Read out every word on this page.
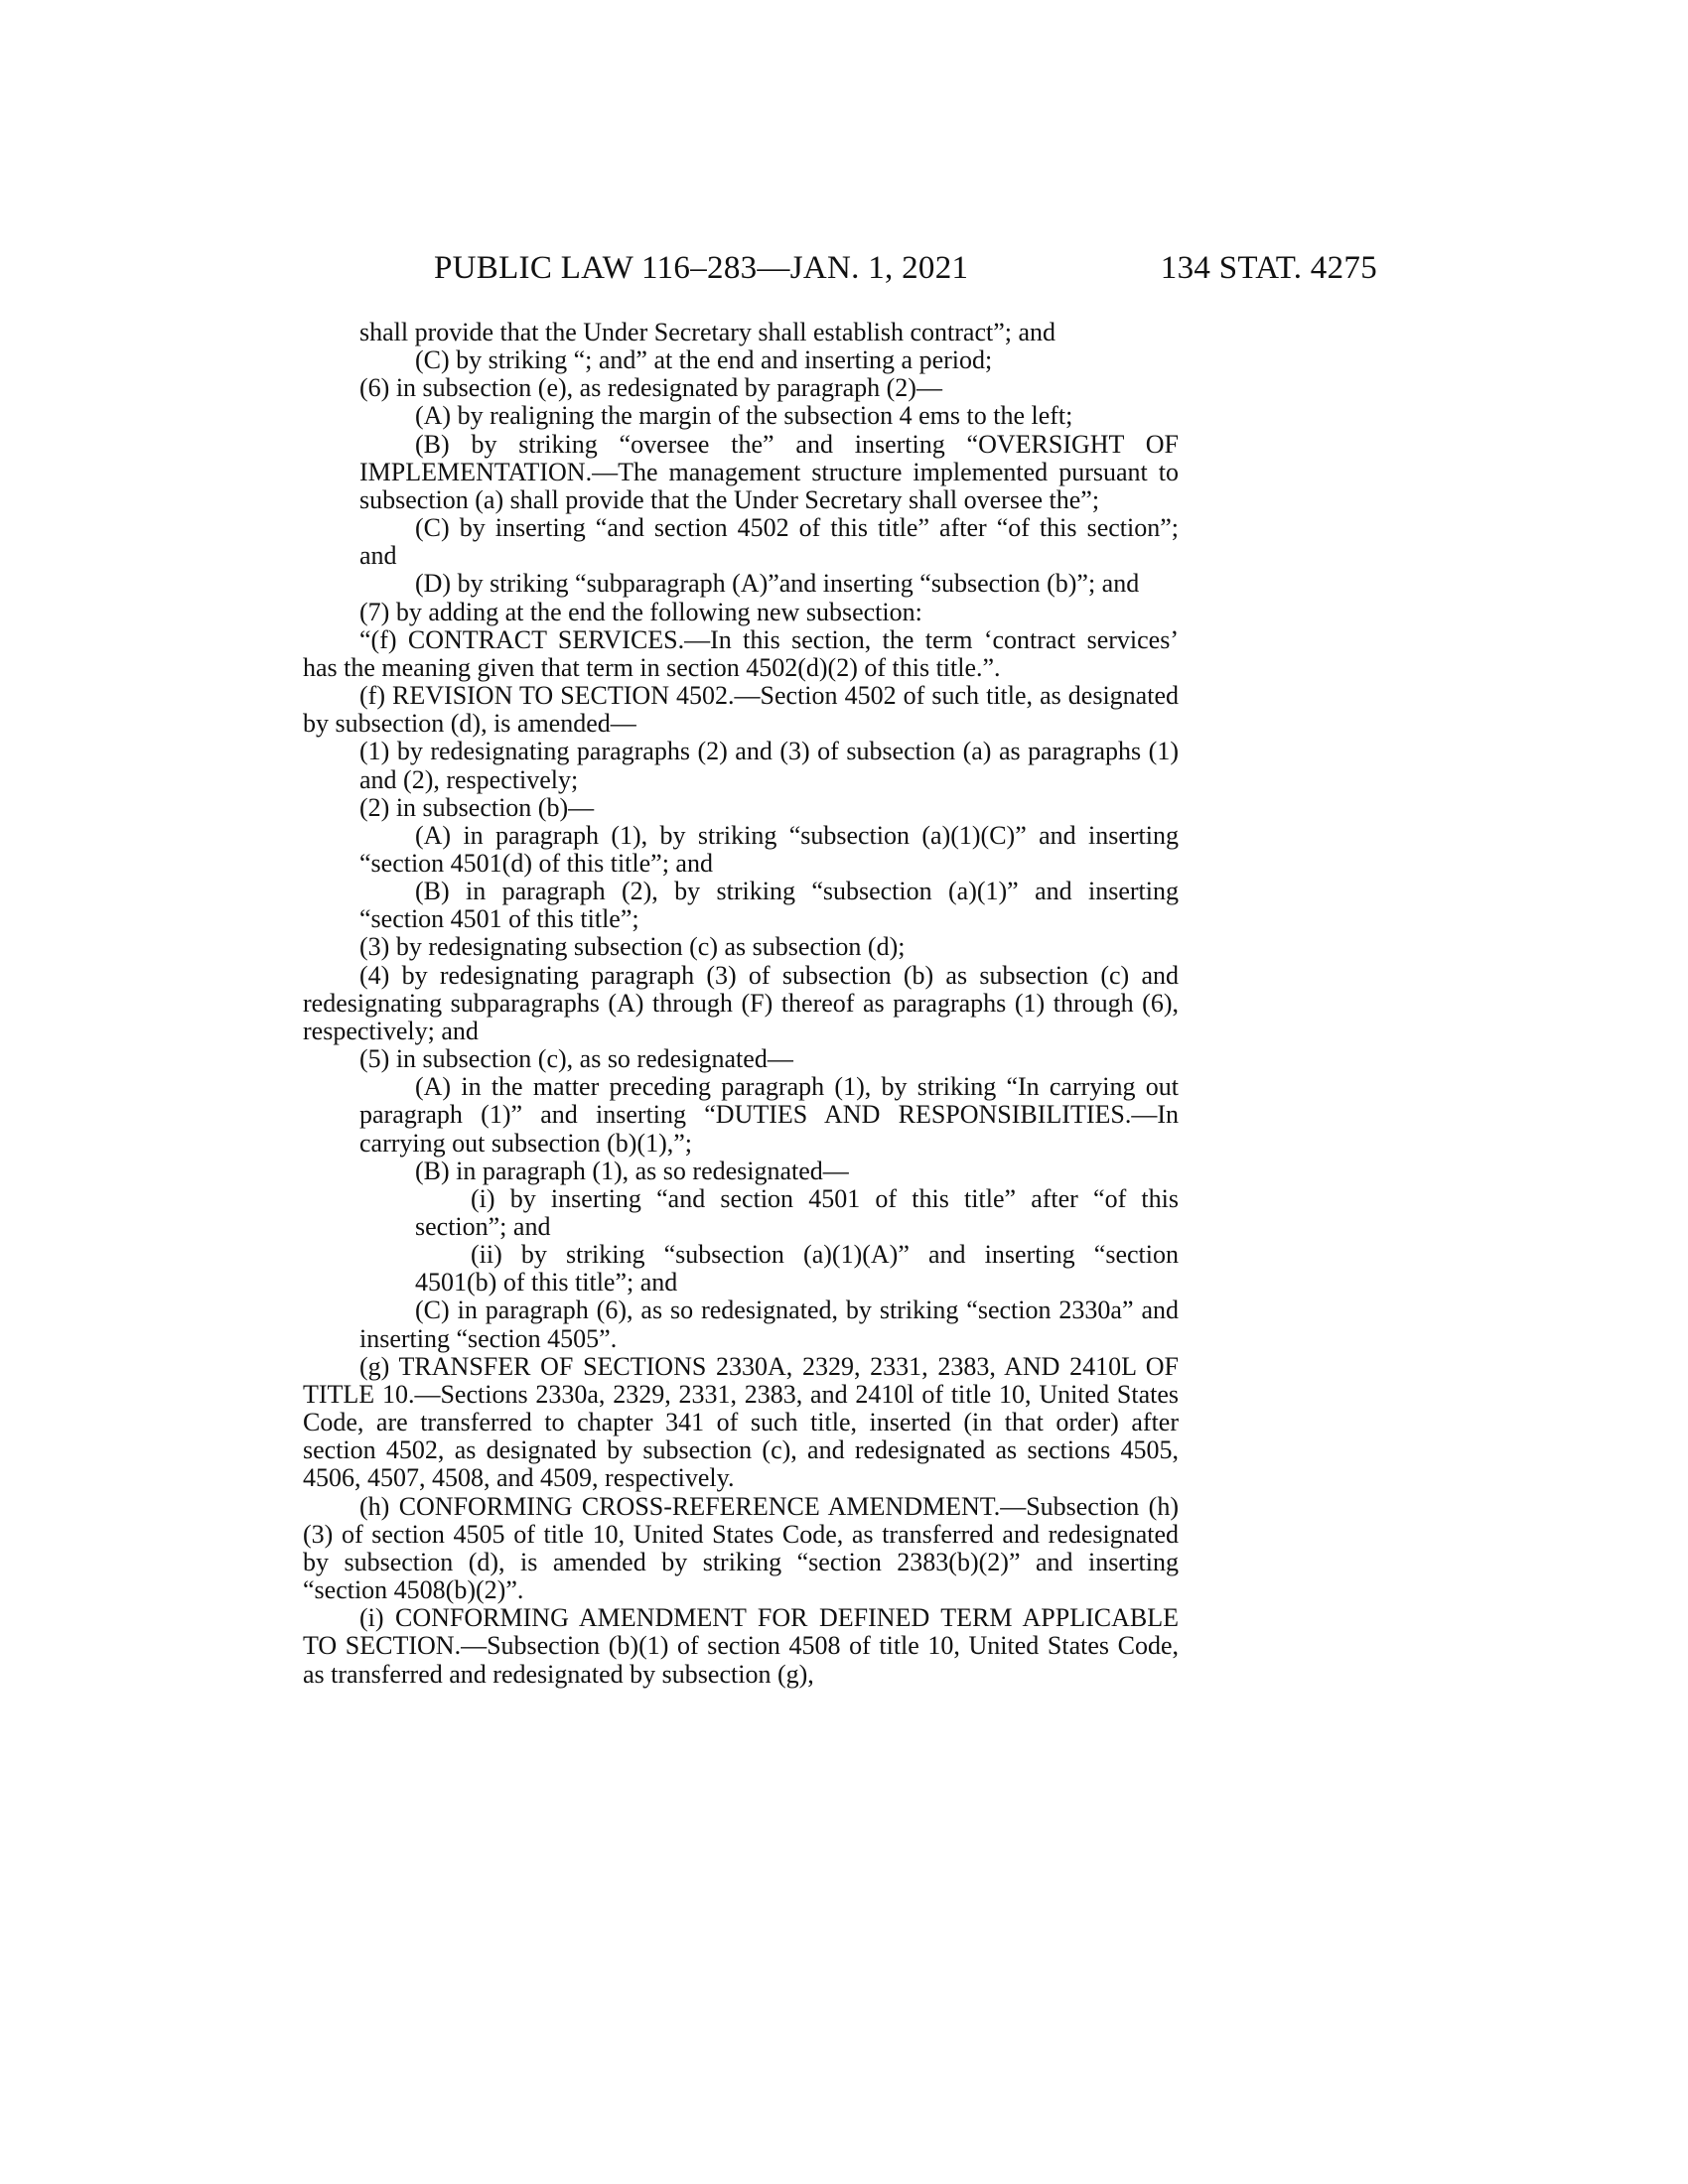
PUBLIC LAW 116–283—JAN. 1, 2021	134 STAT. 4275

shall provide that the Under Secretary shall establish contract”; and

(C) by striking “; and” at the end and inserting a period;

(6) in subsection (e), as redesignated by paragraph (2)—

(A) by realigning the margin of the subsection 4 ems to the left;

(B) by striking “oversee the” and inserting “OVERSIGHT OF IMPLEMENTATION.—The management structure implemented pursuant to subsection (a) shall provide that the Under Secretary shall oversee the”;

(C) by inserting “and section 4502 of this title” after “of this section”; and

(D) by striking “subparagraph (A)”and inserting “subsection (b)”; and

(7) by adding at the end the following new subsection:

“(f) CONTRACT SERVICES.—In this section, the term ‘contract services’ has the meaning given that term in section 4502(d)(2) of this title.”.

(f) REVISION TO SECTION 4502.—Section 4502 of such title, as designated by subsection (d), is amended—

(1) by redesignating paragraphs (2) and (3) of subsection (a) as paragraphs (1) and (2), respectively;

(2) in subsection (b)—

(A) in paragraph (1), by striking “subsection (a)(1)(C)” and inserting “section 4501(d) of this title”; and

(B) in paragraph (2), by striking “subsection (a)(1)” and inserting “section 4501 of this title”;

(3) by redesignating subsection (c) as subsection (d);

(4) by redesignating paragraph (3) of subsection (b) as subsection (c) and redesignating subparagraphs (A) through (F) thereof as paragraphs (1) through (6), respectively; and

(5) in subsection (c), as so redesignated—

(A) in the matter preceding paragraph (1), by striking “In carrying out paragraph (1)” and inserting “DUTIES AND RESPONSIBILITIES.—In carrying out subsection (b)(1),”;

(B) in paragraph (1), as so redesignated—

(i) by inserting “and section 4501 of this title” after “of this section”; and

(ii) by striking “subsection (a)(1)(A)” and inserting “section 4501(b) of this title”; and

(C) in paragraph (6), as so redesignated, by striking “section 2330a” and inserting “section 4505”.

(g) TRANSFER OF SECTIONS 2330A, 2329, 2331, 2383, AND 2410L OF TITLE 10.—Sections 2330a, 2329, 2331, 2383, and 2410l of title 10, United States Code, are transferred to chapter 341 of such title, inserted (in that order) after section 4502, as designated by subsection (c), and redesignated as sections 4505, 4506, 4507, 4508, and 4509, respectively.

(h) CONFORMING CROSS-REFERENCE AMENDMENT.—Subsection (h)(3) of section 4505 of title 10, United States Code, as transferred and redesignated by subsection (d), is amended by striking “section 2383(b)(2)” and inserting “section 4508(b)(2)”.

(i) CONFORMING AMENDMENT FOR DEFINED TERM APPLICABLE TO SECTION.—Subsection (b)(1) of section 4508 of title 10, United States Code, as transferred and redesignated by subsection (g),
